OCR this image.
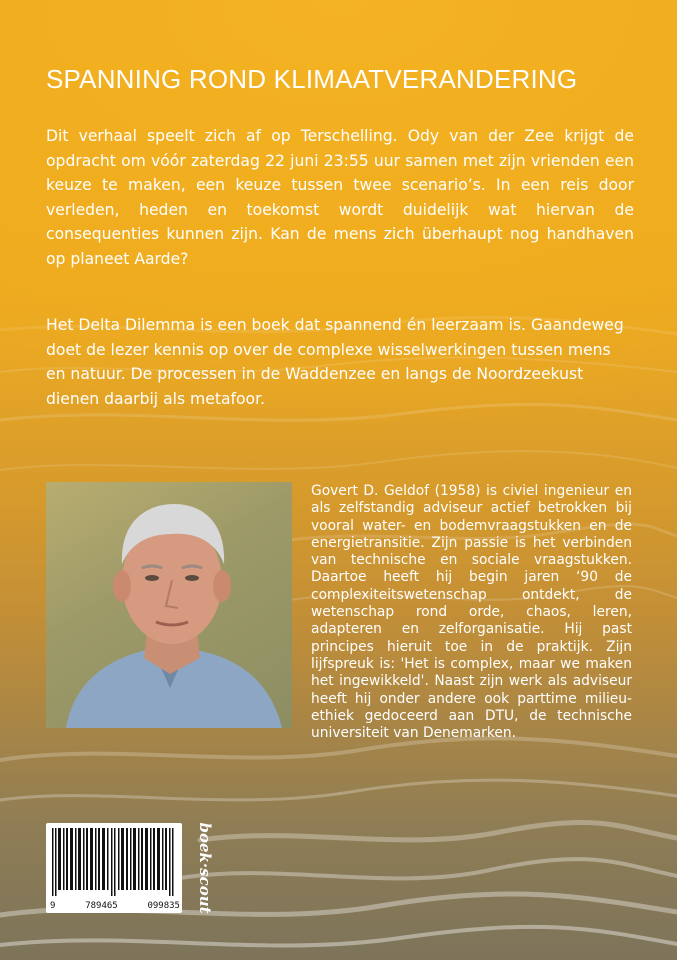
SPANNING ROND KLIMAATVERANDERING

Dit verhaal speelt zich af op Terschelling. Ody van der Zee krijgt de opdracht om vóór zaterdag 22 juni 23:55 uur samen met zijn vrienden een keuze te maken, een keuze tussen twee scenario’s. In een reis door verleden, heden en toekomst wordt duidelijk wat hiervan de consequenties kunnen zijn. Kan de mens zich überhaupt nog handhaven op planeet Aarde?

Het Delta Dilemma is een boek dat spannend én leerzaam is. Gaandeweg doet de lezer kennis op over de complexe wisselwerkingen tussen mens en natuur. De processen in de Waddenzee en langs de Noordzeekust dienen daarbij als metafoor.

Govert D. Geldof (1958) is civiel ingenieur en als zelfstandig adviseur actief betrokken bij vooral water- en bodemvraagstukken en de energietransitie. Zijn passie is het verbinden van technische en sociale vraagstukken. Daartoe heeft hij begin jaren ‘90 de complexiteitswetenschap ontdekt, de wetenschap rond orde, chaos, leren, adapteren en zelforganisatie. Hij past principes hieruit toe in de praktijk. Zijn lijfspreuk is: 'Het is complex, maar we maken het ingewikkeld'. Naast zijn werk als adviseur heeft hij onder andere ook parttime milieu-ethiek gedoceerd aan DTU, de technische universiteit van Denemarken.

9	789465	099835 boek·scout
